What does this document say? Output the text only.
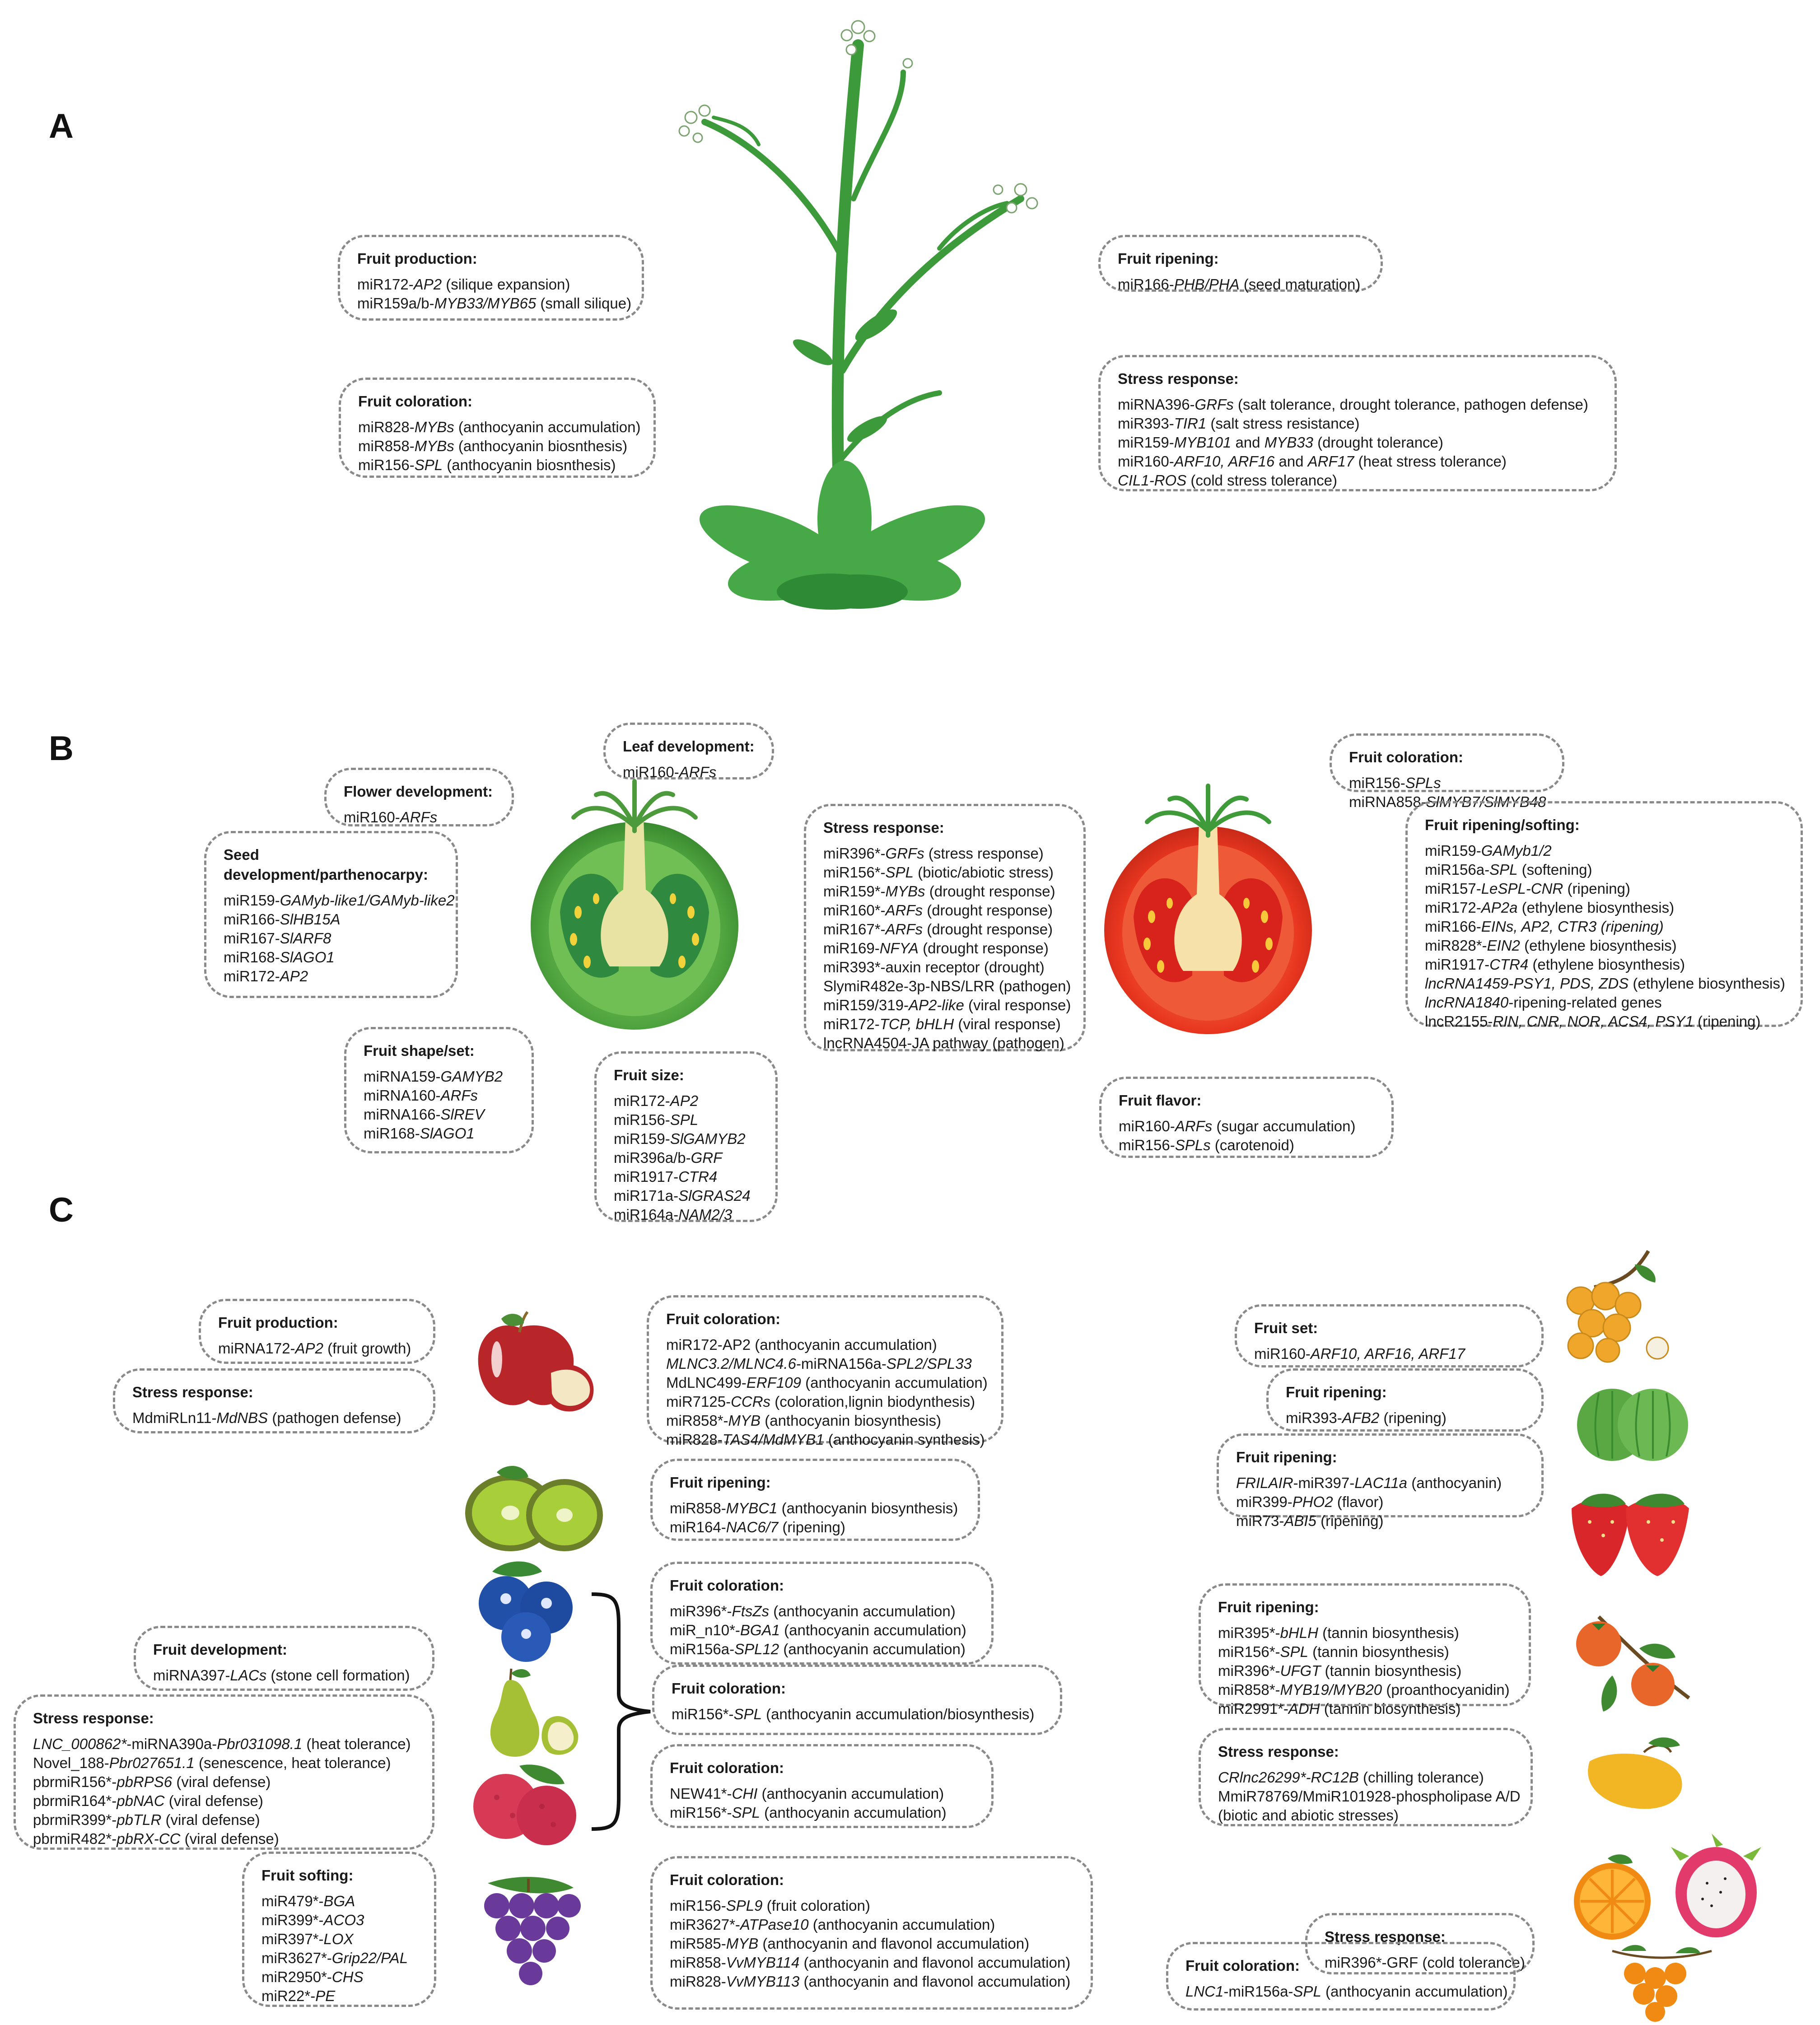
A
B
C
Fruit production:
miR172-AP2 (silique expansion)
miR159a/b-MYB33/MYB65 (small silique)
Fruit coloration:
miR828-MYBs (anthocyanin accumulation)
miR858-MYBs (anthocyanin biosnthesis)
miR156-SPL (anthocyanin biosnthesis)
Fruit ripening:
miR166-PHB/PHA (seed maturation)
Stress response:
miRNA396-GRFs (salt tolerance, drought tolerance, pathogen defense)
miR393-TIR1 (salt stress resistance)
miR159-MYB101 and MYB33 (drought tolerance)
miR160-ARF10, ARF16 and ARF17 (heat stress tolerance)
CIL1-ROS (cold stress tolerance)
Leaf development:
miR160-ARFs
Flower development:
miR160-ARFs
Seed development/parthenocarpy:
miR159-GAMyb-like1/GAMyb-like2
miR166-SlHB15A
miR167-SlARF8
miR168-SlAGO1
miR172-AP2
Fruit shape/set:
miRNA159-GAMYB2
miRNA160-ARFs
miRNA166-SlREV
miR168-SlAGO1
Fruit size:
miR172-AP2
miR156-SPL
miR159-SlGAMYB2
miR396a/b-GRF
miR1917-CTR4
miR171a-SlGRAS24
miR164a-NAM2/3
Stress response:
miR396*-GRFs (stress response)
miR156*-SPL (biotic/abiotic stress)
miR159*-MYBs (drought response)
miR160*-ARFs (drought response)
miR167*-ARFs (drought response)
miR169-NFYA (drought response)
miR393*-auxin receptor (drought)
SlymiR482e-3p-NBS/LRR (pathogen)
miR159/319-AP2-like (viral response)
miR172-TCP, bHLH (viral response)
lncRNA4504-JA pathway (pathogen)
Fruit coloration:
miR156-SPLs
miRNA858-SlMYB7/SlMYB48
Fruit ripening/softing:
miR159-GAMyb1/2
miR156a-SPL (softening)
miR157-LeSPL-CNR (ripening)
miR172-AP2a (ethylene biosynthesis)
miR166-EINs, AP2, CTR3 (ripening)
miR828*-EIN2 (ethylene biosynthesis)
miR1917-CTR4 (ethylene biosynthesis)
lncRNA1459-PSY1, PDS, ZDS (ethylene biosynthesis)
lncRNA1840-ripening-related genes
lncR2155-RIN, CNR, NOR, ACS4, PSY1 (ripening)
Fruit flavor:
miR160-ARFs (sugar accumulation)
miR156-SPLs (carotenoid)
Fruit production:
miRNA172-AP2 (fruit growth)
Stress response:
MdmiRLn11-MdNBS (pathogen defense)
Fruit development:
miRNA397-LACs (stone cell formation)
Stress response:
LNC_000862*-miRNA390a-Pbr031098.1 (heat tolerance)
Novel_188-Pbr027651.1 (senescence, heat tolerance)
pbrmiR156*-pbRPS6 (viral defense)
pbrmiR164*-pbNAC (viral defense)
pbrmiR399*-pbTLR (viral defense)
pbrmiR482*-pbRX-CC (viral defense)
Fruit softing:
miR479*-BGA
miR399*-ACO3
miR397*-LOX
miR3627*-Grip22/PAL
miR2950*-CHS
miR22*-PE
Fruit coloration:
miR172-AP2 (anthocyanin accumulation)
MLNC3.2/MLNC4.6-miRNA156a-SPL2/SPL33
MdLNC499-ERF109 (anthocyanin accumulation)
miR7125-CCRs (coloration,lignin biodynthesis)
miR858*-MYB (anthocyanin biosynthesis)
miR828-TAS4/MdMYB1 (anthocyanin synthesis)
Fruit ripening:
miR858-MYBC1 (anthocyanin biosynthesis)
miR164-NAC6/7 (ripening)
Fruit coloration:
miR396*-FtsZs (anthocyanin accumulation)
miR_n10*-BGA1 (anthocyanin accumulation)
miR156a-SPL12 (anthocyanin accumulation)
Fruit coloration:
miR156*-SPL (anthocyanin accumulation/biosynthesis)
Fruit coloration:
NEW41*-CHI (anthocyanin accumulation)
miR156*-SPL (anthocyanin accumulation)
Fruit coloration:
miR156-SPL9 (fruit coloration)
miR3627*-ATPase10 (anthocyanin accumulation)
miR585-MYB (anthocyanin and flavonol accumulation)
miR858-VvMYB114 (anthocyanin and flavonol accumulation)
miR828-VvMYB113 (anthocyanin and flavonol accumulation)
Fruit set:
miR160-ARF10, ARF16, ARF17
Fruit ripening:
miR393-AFB2 (ripening)
Fruit ripening:
FRILAIR-miR397-LAC11a (anthocyanin)
miR399-PHO2 (flavor)
miR73-ABI5 (ripening)
Fruit ripening:
miR395*-bHLH (tannin biosynthesis)
miR156*-SPL (tannin biosynthesis)
miR396*-UFGT (tannin biosynthesis)
miR858*-MYB19/MYB20 (proanthocyanidin)
miR2991*-ADH (tannin biosynthesis)
Stress response:
CRlnc26299*-RC12B (chilling tolerance)
MmiR78769/MmiR101928-phospholipase A/D
(biotic and abiotic stresses)
Stress response:
miR396*-GRF (cold tolerance)
Fruit coloration:
LNC1-miR156a-SPL (anthocyanin accumulation)
